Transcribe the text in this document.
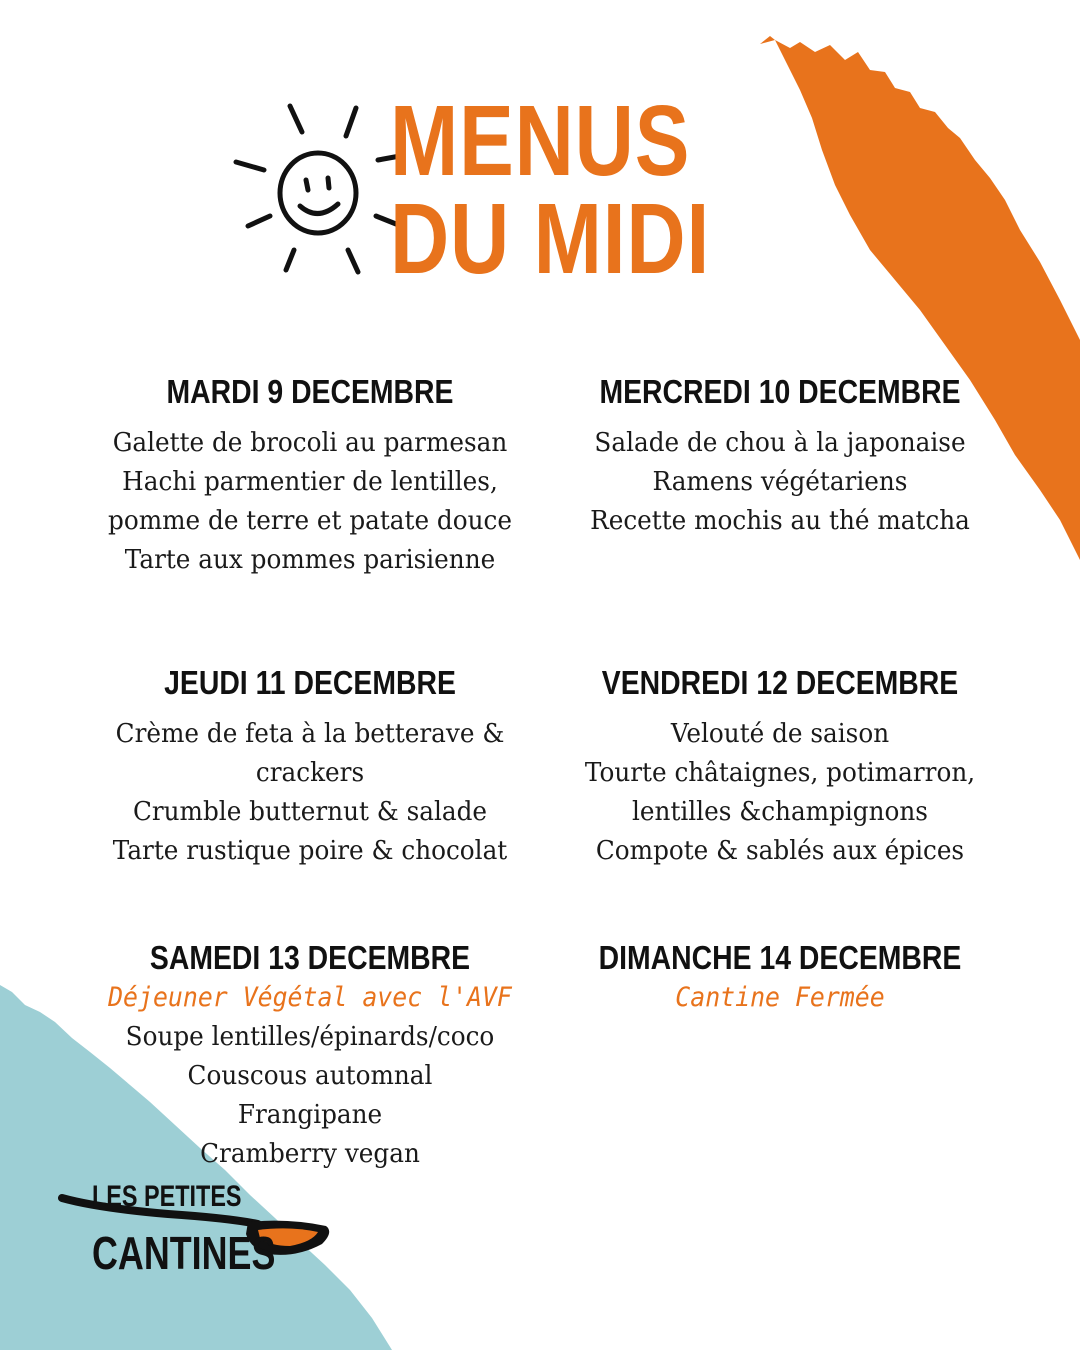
MENUS
DU MIDI
MARDI 9 DECEMBRE
Galette de brocoli au parmesan
Hachi parmentier de lentilles,
pomme de terre et patate douce
Tarte aux pommes parisienne
MERCREDI 10 DECEMBRE
Salade de chou à la japonaise
Ramens végétariens
Recette mochis au thé matcha
JEUDI 11 DECEMBRE
Crème de feta à la betterave &
crackers
Crumble butternut & salade
Tarte rustique poire & chocolat
VENDREDI 12 DECEMBRE
Velouté de saison
Tourte châtaignes, potimarron,
lentilles &champignons
Compote & sablés aux épices
SAMEDI 13 DECEMBRE
Déjeuner Végétal avec l'AVF
Soupe lentilles/épinards/coco
Couscous automnal
Frangipane
Cramberry vegan
DIMANCHE 14 DECEMBRE
Cantine Fermée
LES PETITES
CANTINES
